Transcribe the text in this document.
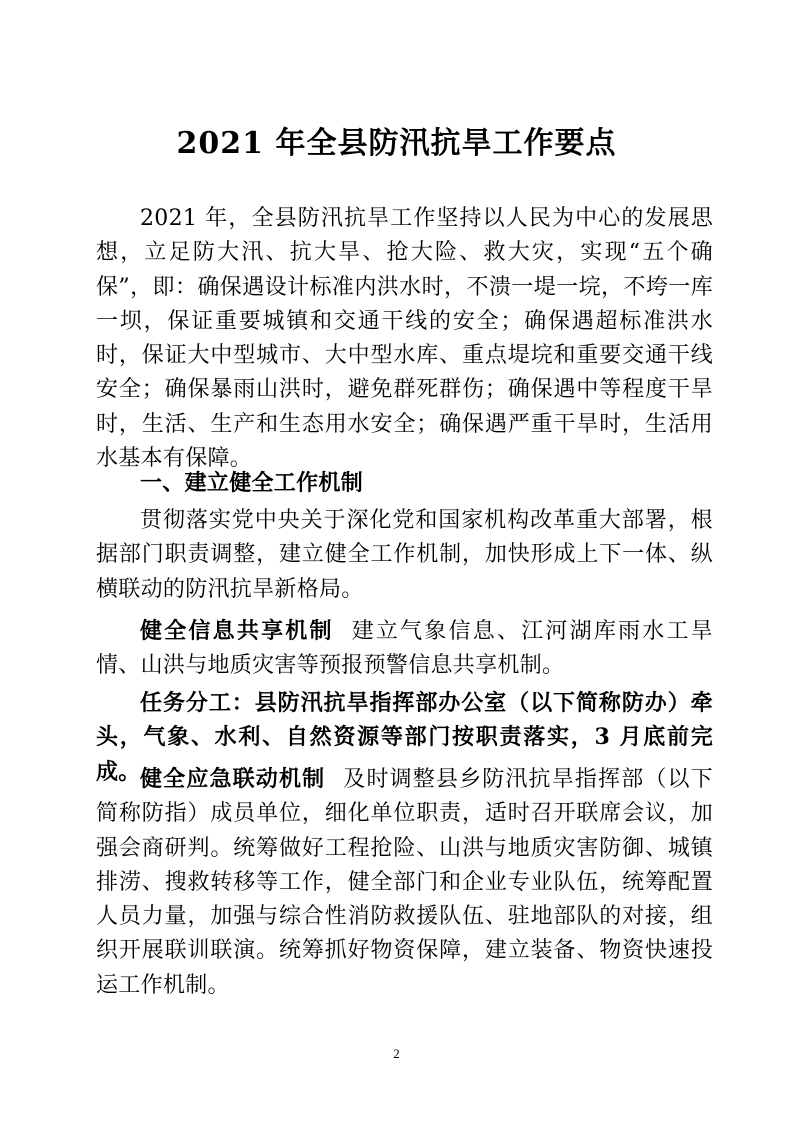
2021 年全县防汛抗旱工作要点
2021 年，全县防汛抗旱工作坚持以人民为中心的发展思想，立足防大汛、抗大旱、抢大险、救大灾，实现“五个确保”，即：确保遇设计标准内洪水时，不溃一堤一垸，不垮一库一坝，保证重要城镇和交通干线的安全；确保遇超标准洪水时，保证大中型城市、大中型水库、重点堤垸和重要交通干线安全；确保暴雨山洪时，避免群死群伤；确保遇中等程度干旱时，生活、生产和生态用水安全；确保遇严重干旱时，生活用水基本有保障。
一、建立健全工作机制
贯彻落实党中央关于深化党和国家机构改革重大部署，根据部门职责调整，建立健全工作机制，加快形成上下一体、纵横联动的防汛抗旱新格局。
健全信息共享机制 建立气象信息、江河湖库雨水工旱情、山洪与地质灾害等预报预警信息共享机制。
任务分工：县防汛抗旱指挥部办公室（以下简称防办）牵头，气象、水利、自然资源等部门按职责落实，3 月底前完成。 健全应急联动机制 及时调整县乡防汛抗旱指挥部（以下简称防指）成员单位，细化单位职责，适时召开联席会议，加强会商研判。统筹做好工程抢险、山洪与地质灾害防御、城镇排涝、搜救转移等工作，健全部门和企业专业队伍，统筹配置人员力量，加强与综合性消防救援队伍、驻地部队的对接，组织开展联训联演。统筹抓好物资保障，建立装备、物资快速投运工作机制。
2
